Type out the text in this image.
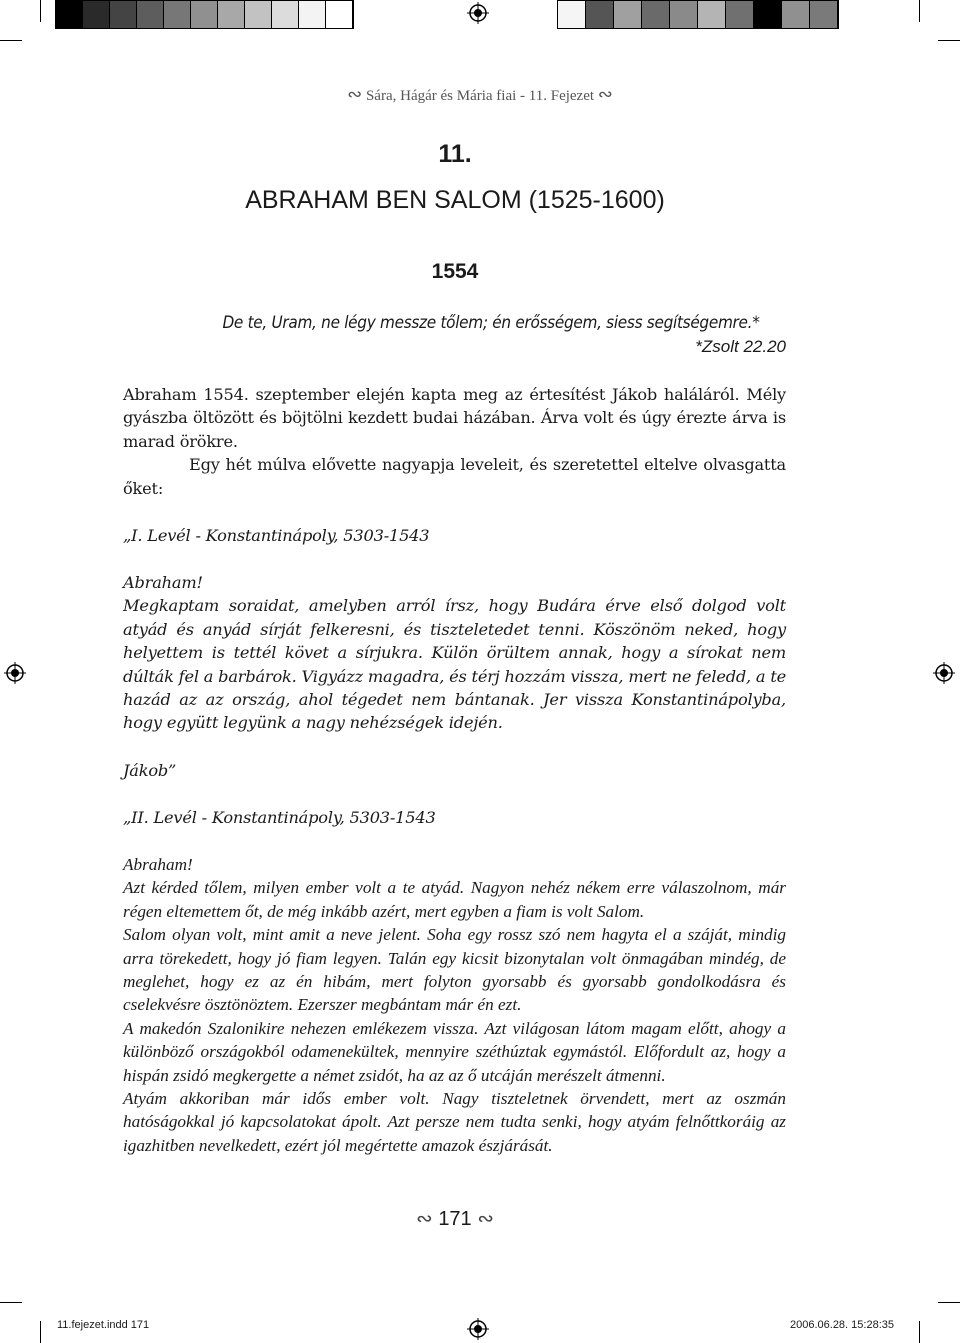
∾ Sára, Hágár és Mária fiai - 11. Fejezet ∾
11.
ABRAHAM BEN SALOM (1525-1600)
1554
De te, Uram, ne légy messze tőlem; én erősségem, siess segítségemre.*
*Zsolt 22.20

Abraham 1554. szeptember elején kapta meg az értesítést Jákob haláláról. Mély gyászba öltözött és böjtölni kezdett budai házában. Árva volt és úgy érezte árva is marad örökre.

Egy hét múlva elővette nagyapja leveleit, és szeretettel eltelve olvasgatta őket:

„I. Levél - Konstantinápoly, 5303-1543

Abraham!

Megkaptam soraidat, amelyben arról írsz, hogy Budára érve első dolgod volt atyád és anyád sírját felkeresni, és tiszteletedet tenni. Köszönöm neked, hogy helyettem is tettél követ a sírjukra. Külön örültem annak, hogy a sírokat nem dúlták fel a barbárok. Vigyázz magadra, és térj hozzám vissza, mert ne feledd, a te hazád az az ország, ahol tégedet nem bántanak. Jer vissza Konstantinápolyba, hogy együtt legyünk a nagy nehézségek idején.

Jákob”
„II. Levél - Konstantinápoly, 5303-1543

Abraham!

Azt kérded tőlem, milyen ember volt a te atyád. Nagyon nehéz nékem erre válaszolnom, már régen eltemettem őt, de még inkább azért, mert egyben a fiam is volt Salom.

Salom olyan volt, mint amit a neve jelent. Soha egy rossz szó nem hagyta el a száját, mindig arra törekedett, hogy jó fiam legyen. Talán egy kicsit bizonytalan volt önmagában mindég, de meglehet, hogy ez az én hibám, mert folyton gyorsabb és gyorsabb gondolkodásra és cselekvésre ösztönöztem. Ezerszer megbántam már én ezt.

A makedón Szalonikire nehezen emlékezem vissza. Azt világosan látom magam előtt, ahogy a különböző országokból odamenekültek, mennyire széthúztak egymástól. Előfordult az, hogy a hispán zsidó megkergette a német zsidót, ha az az ő utcáján merészelt átmenni.

Atyám akkoriban már idős ember volt. Nagy tiszteletnek örvendett, mert az oszmán hatóságokkal jó kapcsolatokat ápolt. Azt persze nem tudta senki, hogy atyám felnőttkoráig az igazhitben nevelkedett, ezért jól megértette amazok észjárását.

∾ 171 ∾
11.fejezet.indd 171	2006.06.28. 15:28:35
